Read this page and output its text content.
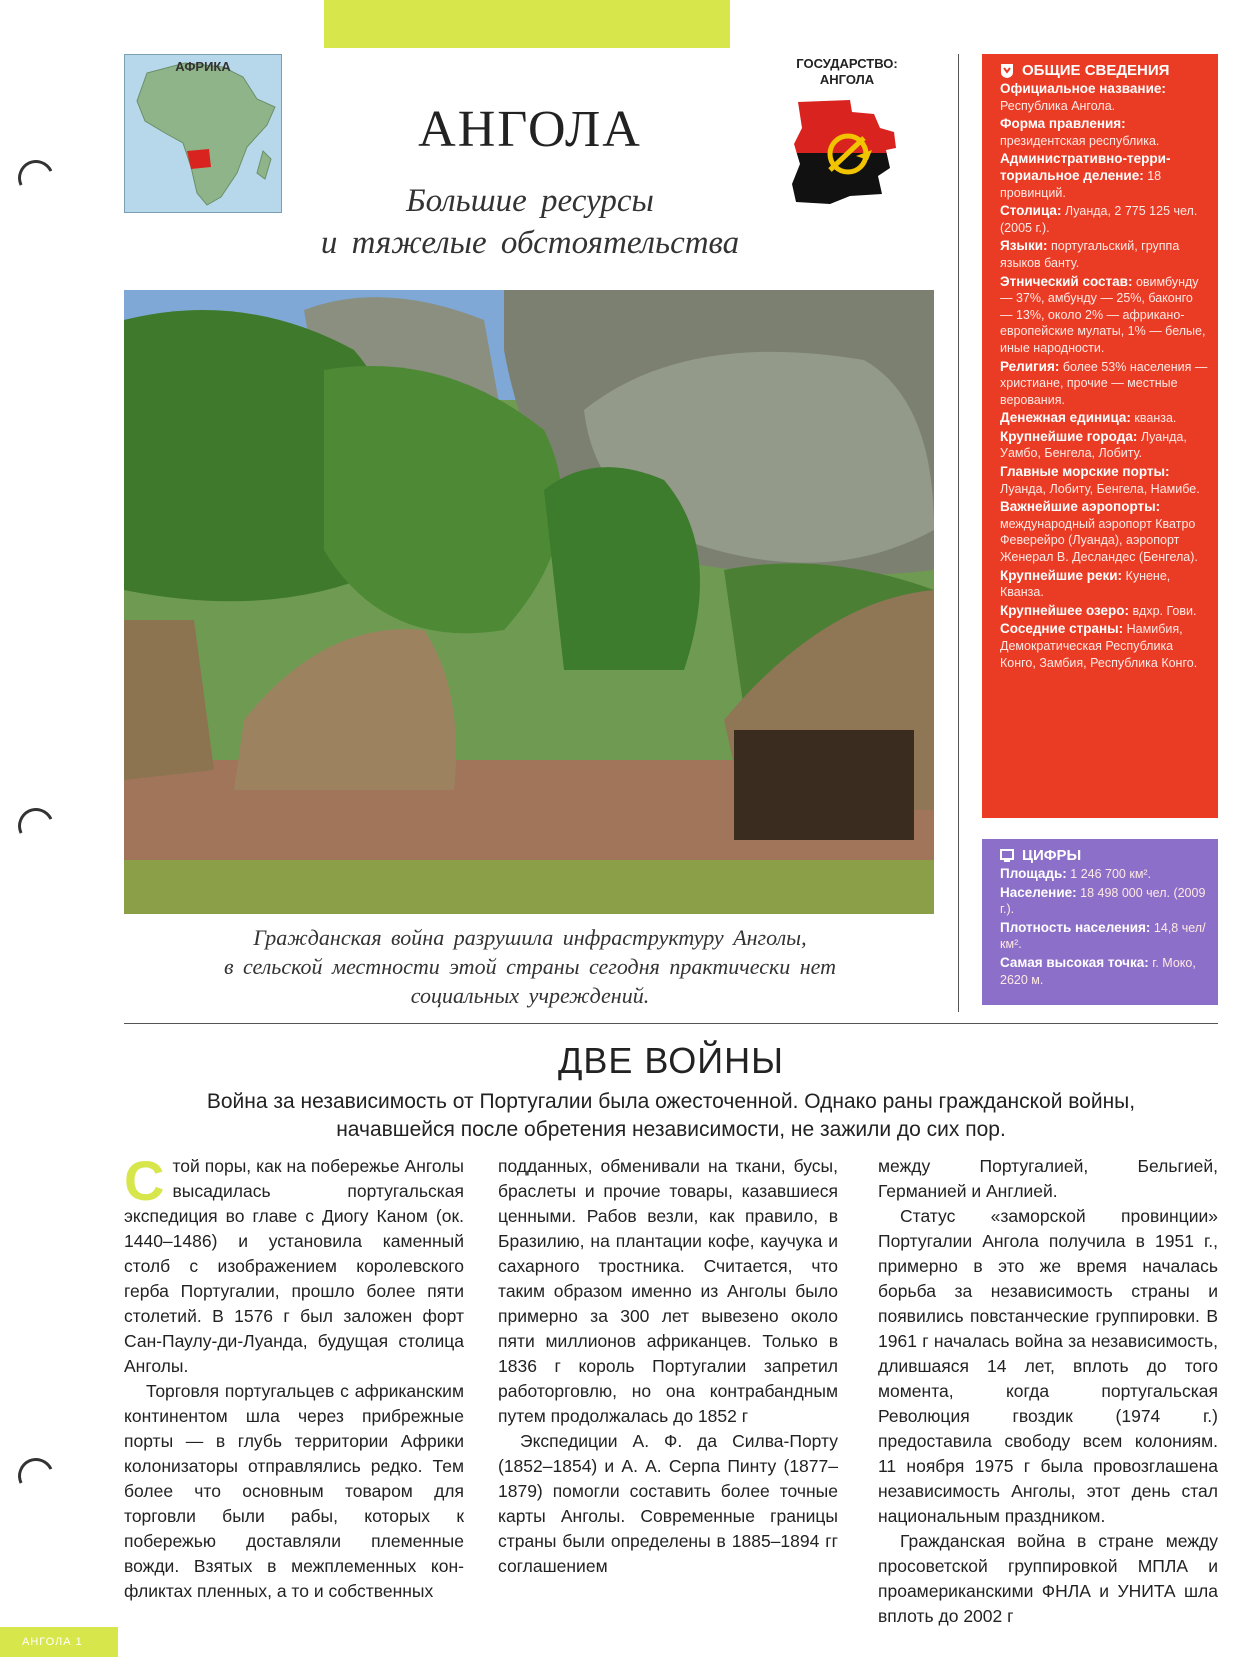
АФРИКА
АНГОЛА
Большие ресурсы
и тяжелые обстоятельства
ГОСУДАРСТВО:
АНГОЛА
Гражданская война разрушила инфраструктуру Анголы,
в сельской местности этой страны сегодня практически нет
социальных учреждений.
ОБЩИЕ СВЕДЕНИЯ
Официальное название: Республика Ангола.
Форма правления: президентская республика.
Административно-территориальное деление: 18 провинций.
Столица: Луанда, 2 775 125 чел. (2005 г.).
Языки: португальский, группа языков банту.
Этнический состав: овимбунду — 37%, амбунду — 25%, баконго — 13%, около 2% — африкано-европейские мулаты, 1% — белые, иные народности.
Религия: более 53% населения — христиане, прочие — местные верования.
Денежная единица: кванза.
Крупнейшие города: Луанда, Уамбо, Бенгела, Лобиту.
Главные морские порты: Луанда, Лобиту, Бенгела, Намибе.
Важнейшие аэропорты: международный аэропорт Кватро Феверейро (Луанда), аэропорт Женерал В. Десландес (Бенгела).
Крупнейшие реки: Кунене, Кванза.
Крупнейшее озеро: вдхр. Гови.
Соседние страны: Намибия, Демократическая Республика Конго, Замбия, Республика Конго.
ЦИФРЫ
Площадь: 1 246 700 км².
Население: 18 498 000 чел. (2009 г.).
Плотность населения: 14,8 чел/км².
Самая высокая точка: г. Моко, 2620 м.
ДВЕ ВОЙНЫ
Война за независимость от Португалии была ожесточенной. Однако раны гражданской войны,
начавшейся после обретения независимости, не зажили до сих пор.

Стой поры, как на побережье Анголы высадилась португальская экспедиция во главе с Диогу Каном (ок. 1440–1486) и установила каменный столб с изображением королевского герба Португалии, прошло более пяти столетий. В 1576 г был заложен форт Сан-Паулу-ди-Луанда, будущая столица Анголы.

Торговля португальцев с африканским континентом шла через прибрежные порты — в глубь территории Африки колонизаторы отправлялись редко. Тем более что основным товаром для торговли были рабы, которых к побережью доставляли племенные вожди. Взятых в межплеменных конфликтах пленных, а то и собственных

подданных, обменивали на ткани, бусы, браслеты и прочие товары, казавшиеся ценными. Рабов везли, как правило, в Бразилию, на плантации кофе, каучука и сахарного тростника. Считается, что таким образом именно из Анголы было примерно за 300 лет вывезено около пяти миллионов африканцев. Только в 1836 г король Португалии запретил работорговлю, но она контрабандным путем продолжалась до 1852 г

Экспедиции А. Ф. да Силва-Порту (1852–1854) и А. А. Серпа Пинту (1877–1879) помогли составить более точные карты Анголы. Современные границы страны были определены в 1885–1894 гг соглашением

между Португалией, Бельгией, Германией и Англией.

Статус «заморской провинции» Португалии Ангола получила в 1951 г., примерно в это же время началась борьба за независимость страны и появились повстанческие группировки. В 1961 г началась война за независимость, длившаяся 14 лет, вплоть до того момента, когда португальская Революция гвоздик (1974 г.) предоставила свободу всем колониям. 11 ноября 1975 г была провозглашена независимость Анголы, этот день стал национальным праздником.

Гражданская война в стране между просоветской группировкой МПЛА и проамериканскими ФНЛА и УНИТА шла вплоть до 2002 г

АНГОЛА 1
